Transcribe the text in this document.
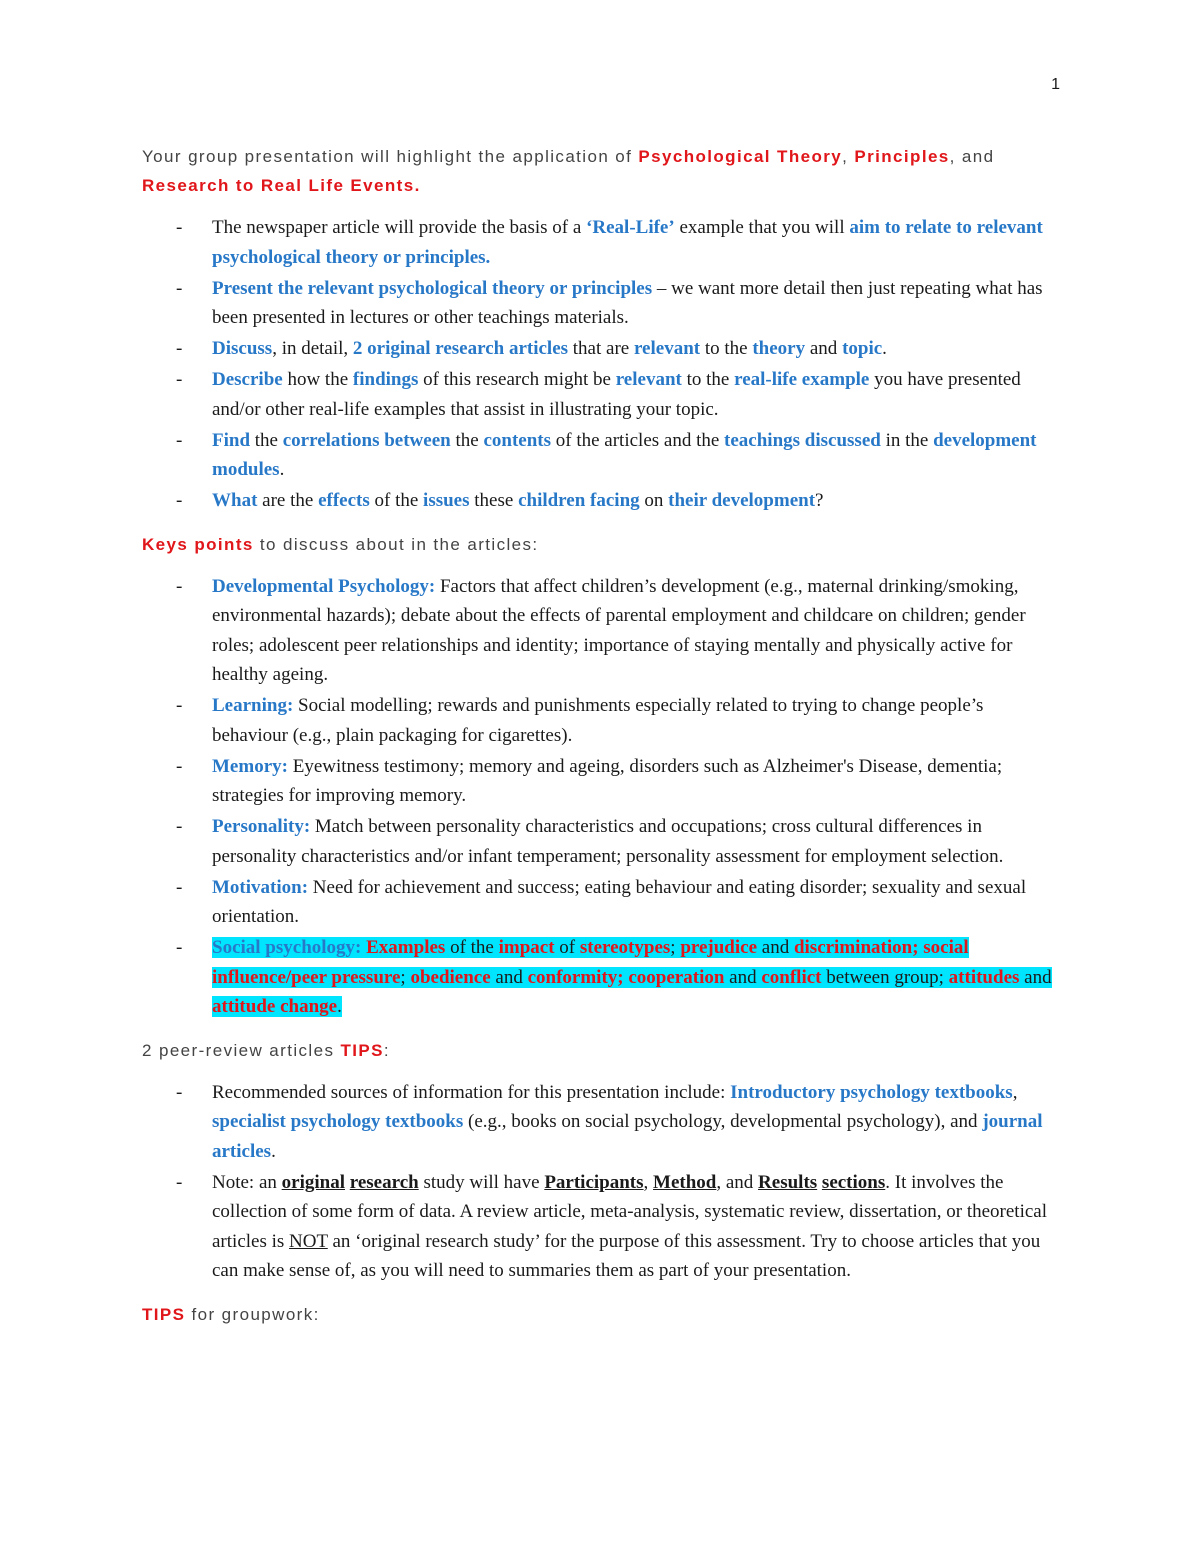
1

Your group presentation will highlight the application of Psychological Theory, Principles, and Research to Real Life Events.

- The newspaper article will provide the basis of a ‘Real-Life’ example that you will aim to relate to relevant psychological theory or principles.
- Present the relevant psychological theory or principles – we want more detail then just repeating what has been presented in lectures or other teachings materials.
- Discuss, in detail, 2 original research articles that are relevant to the theory and topic.
- Describe how the findings of this research might be relevant to the real-life example you have presented and/or other real-life examples that assist in illustrating your topic.
- Find the correlations between the contents of the articles and the teachings discussed in the development modules.
- What are the effects of the issues these children facing on their development?

Keys points to discuss about in the articles:

- Developmental Psychology: Factors that affect children’s development (e.g., maternal drinking/smoking, environmental hazards); debate about the effects of parental employment and childcare on children; gender roles; adolescent peer relationships and identity; importance of staying mentally and physically active for healthy ageing.
- Learning: Social modelling; rewards and punishments especially related to trying to change people’s behaviour (e.g., plain packaging for cigarettes).
- Memory: Eyewitness testimony; memory and ageing, disorders such as Alzheimer's Disease, dementia; strategies for improving memory.
- Personality: Match between personality characteristics and occupations; cross cultural differences in personality characteristics and/or infant temperament; personality assessment for employment selection.
- Motivation: Need for achievement and success; eating behaviour and eating disorder; sexuality and sexual orientation.
- Social psychology: Examples of the impact of stereotypes; prejudice and discrimination; social influence/peer pressure; obedience and conformity; cooperation and conflict between group; attitudes and attitude change.

2 peer-review articles TIPS:

- Recommended sources of information for this presentation include: Introductory psychology textbooks, specialist psychology textbooks (e.g., books on social psychology, developmental psychology), and journal articles.
- Note: an original research study will have Participants, Method, and Results sections. It involves the collection of some form of data. A review article, meta-analysis, systematic review, dissertation, or theoretical articles is NOT an ‘original research study’ for the purpose of this assessment. Try to choose articles that you can make sense of, as you will need to summaries them as part of your presentation.

TIPS for groupwork:
